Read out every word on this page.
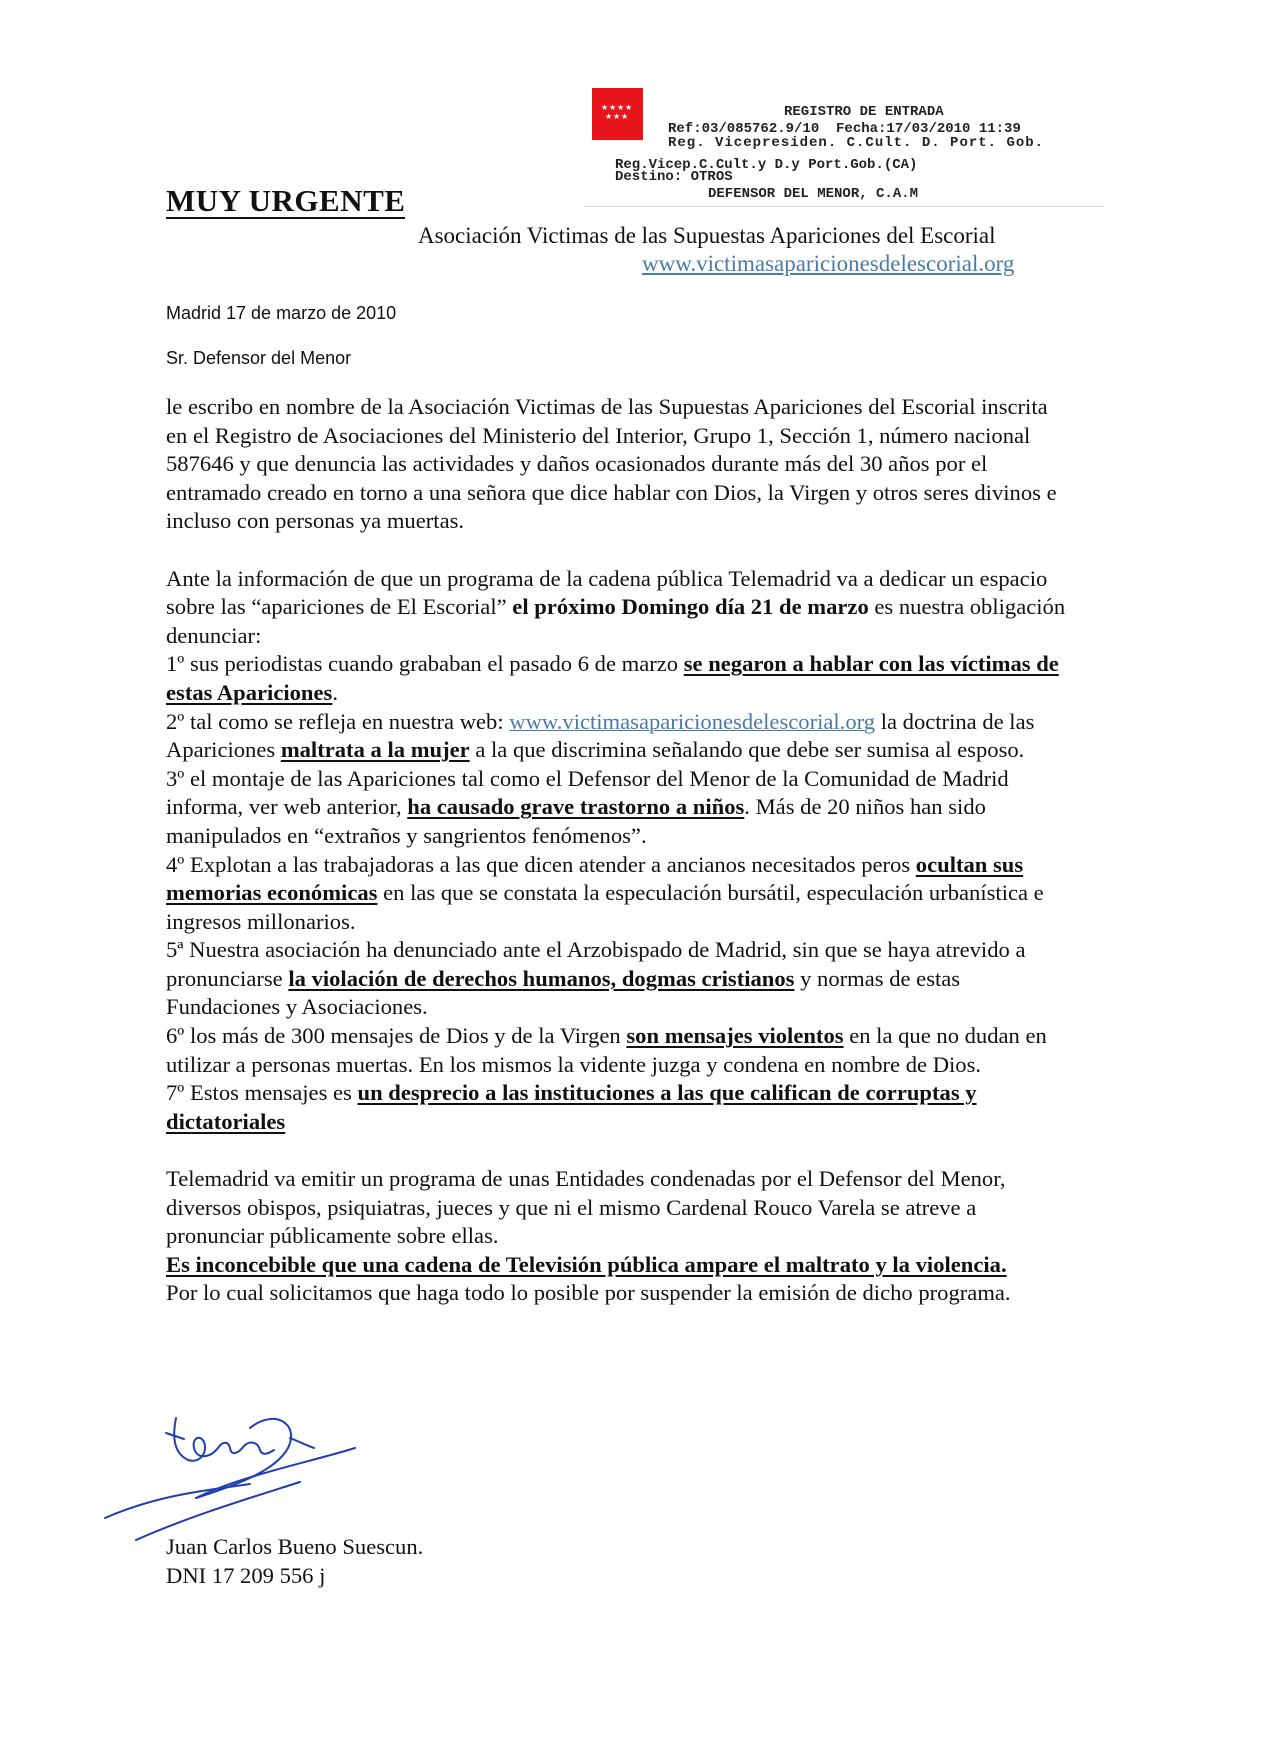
★ ★ ★ ★
★ ★ ★	REGISTRO DE ENTRADA
Ref:03/085762.9/10  Fecha:17/03/2010 11:39
Reg. Vicepresiden. C.Cult. D. Port. Gob.
Reg.Vicep.C.Cult.y D.y Port.Gob.(CA)
Destino: OTROS
DEFENSOR DEL MENOR, C.A.M
MUY URGENTE
Asociación Victimas de las Supuestas Apariciones del Escorial
www.victimasaparicionesdelescorial.org
Madrid 17 de marzo de 2010
Sr. Defensor del Menor

le escribo en nombre de la Asociación Victimas de las Supuestas Apariciones del Escorial inscrita en el Registro de Asociaciones del Ministerio del Interior, Grupo 1, Sección 1, número nacional 587646 y que denuncia las actividades y daños ocasionados durante más del 30 años por el entramado creado en torno a una señora que dice hablar con Dios, la Virgen y otros seres divinos e incluso con personas ya muertas.

Ante la información de que un programa de la cadena pública Telemadrid va a dedicar un espacio sobre las “apariciones de El Escorial” el próximo Domingo día 21 de marzo es nuestra obligación denunciar:

1º sus periodistas cuando grababan el pasado 6 de marzo se negaron a hablar con las víctimas de estas Apariciones.

2º tal como se refleja en nuestra web: www.victimasaparicionesdelescorial.org la doctrina de las Apariciones maltrata a la mujer a la que discrimina señalando que debe ser sumisa al esposo.

3º el montaje de las Apariciones tal como el Defensor del Menor de la Comunidad de Madrid informa, ver web anterior, ha causado grave trastorno a niños. Más de 20 niños han sido manipulados en “extraños y sangrientos fenómenos”.

4º Explotan a las trabajadoras a las que dicen atender a ancianos necesitados peros ocultan sus memorias económicas en las que se constata la especulación bursátil, especulación urbanística e ingresos millonarios.

5ª Nuestra asociación ha denunciado ante el Arzobispado de Madrid, sin que se haya atrevido a pronunciarse la violación de derechos humanos, dogmas cristianos y normas de estas Fundaciones y Asociaciones.

6º los más de 300 mensajes de Dios y de la Virgen son mensajes violentos en la que no dudan en utilizar a personas muertas. En los mismos la vidente juzga y condena en nombre de Dios.

7º Estos mensajes es un desprecio a las instituciones a las que califican de corruptas y dictatoriales

Telemadrid va emitir un programa de unas Entidades condenadas por el Defensor del Menor, diversos obispos, psiquiatras, jueces y que ni el mismo Cardenal Rouco Varela se atreve a pronunciar públicamente sobre ellas.

Es inconcebible que una cadena de Televisión pública ampare el maltrato y la violencia.

Por lo cual solicitamos que haga todo lo posible por suspender la emisión de dicho programa.

Juan Carlos Bueno Suescun.
DNI 17 209 556 j
